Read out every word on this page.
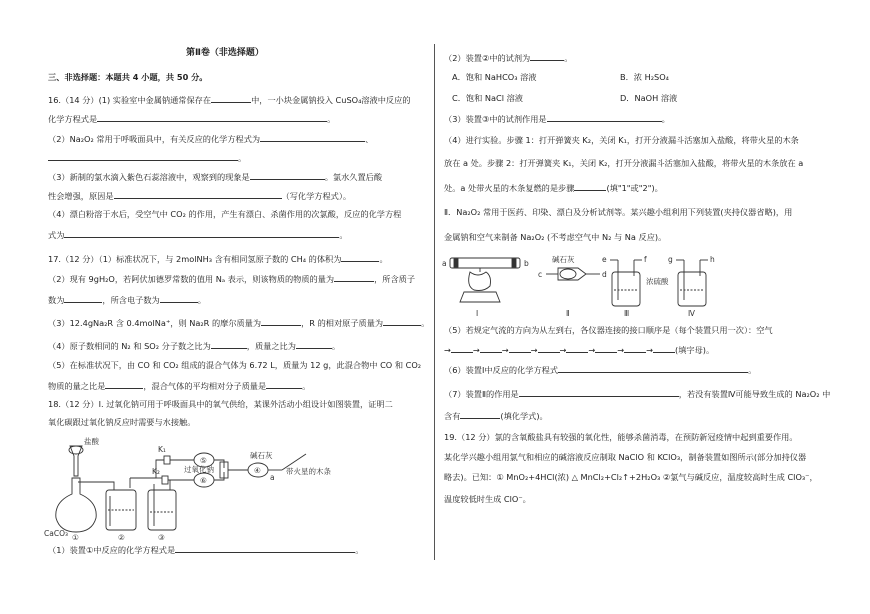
第Ⅱ卷（非选择题）
三、非选择题：本题共 4 小题，共 50 分。
16.（14 分）(1) 实验室中金属钠通常保存在	中，一小块金属钠投入 CuSO₄溶液中反应的
化学方程式是	。
（2）Na₂O₂ 常用于呼吸面具中，有关反应的化学方程式为	、
。
（3）新制的氯水滴入紫色石蕊溶液中，观察到的现象是	。氯水久置后酸
性会增强，原因是	（写化学方程式）。
（4）漂白粉溶于水后，受空气中 CO₂ 的作用，产生有漂白、杀菌作用的次氯酸，反应的化学方程
式为	。
17.（12 分）（1）标准状况下，与 2molNH₃ 含有相同氢原子数的 CH₄ 的体积为	。
（2）现有 9gH₂O，若阿伏加德罗常数的值用 Nₐ 表示，则该物质的物质的量为	，所含质子
数为	，所含电子数为	。
（3）12.4gNa₂R 含 0.4molNa⁺，则 Na₂R 的摩尔质量为	，R 的相对原子质量为	。
（4）原子数相同的 N₂ 和 SO₂ 分子数之比为	，质量之比为	。
（5）在标准状况下，由 CO 和 CO₂ 组成的混合气体为 6.72 L，质量为 12 g，此混合物中 CO 和 CO₂
物质的量之比是	，混合气体的平均相对分子质量是	。
18.（12 分）Ⅰ. 过氧化钠可用于呼吸面具中的氧气供给，某课外活动小组设计如图装置，证明二
氧化碳跟过氧化钠反应时需要与水接触。
盐酸
K₁
K₂	过氧化钠
碱石灰
带火星的木条
CaCO₃ ①	②	③
⑤
⑥
④
a
（1）装置①中反应的化学方程式是	。
（2）装置②中的试剂为	。
A．饱和 NaHCO₃ 溶液	B．浓 H₂SO₄
C．饱和 NaCl 溶液	D．NaOH 溶液
（3）装置③中的试剂作用是	。
（4）进行实验。步骤 1：打开弹簧夹 K₂，关闭 K₁，打开分液漏斗活塞加入盐酸，将带火星的木条
放在 a 处。步骤 2：打开弹簧夹 K₁，关闭 K₂，打开分液漏斗活塞加入盐酸，将带火星的木条放在 a
处。a 处带火星的木条复燃的是步骤	(填"1"或"2")。
Ⅱ．Na₂O₂ 常用于医药、印染、漂白及分析试剂等。某兴趣小组利用下列装置(夹持仪器省略)，用
金属钠和空气来制备 Na₂O₂ (不考虑空气中 N₂ 与 Na 反应)。
a	b	碱石灰
c	d
e	f
浓硫酸
g	h
Ⅰ	Ⅱ	Ⅲ	Ⅳ
（5）若规定气流的方向为从左到右，各仪器连接的接口顺序是（每个装置只用一次）：空气
→	→	→	→	→	→	→	→	(填字母)。
（6）装置Ⅰ中反应的化学方程式	。
（7）装置Ⅱ的作用是	，若没有装置Ⅳ可能导致生成的 Na₂O₂ 中
含有	(填化学式)。
19.（12 分）氯的含氧酸盐具有较强的氧化性，能够杀菌消毒，在预防新冠疫情中起到重要作用。
某化学兴趣小组用氯气和相应的碱溶液反应制取 NaClO 和 KClO₃，制备装置如图所示(部分加持仪器
略去)。已知：① MnO₂+4HCl(浓) △ MnCl₂+Cl₂↑+2H₂O₃ ②氯气与碱反应，温度较高时生成 ClO₃⁻，
温度较低时生成 ClO⁻。
